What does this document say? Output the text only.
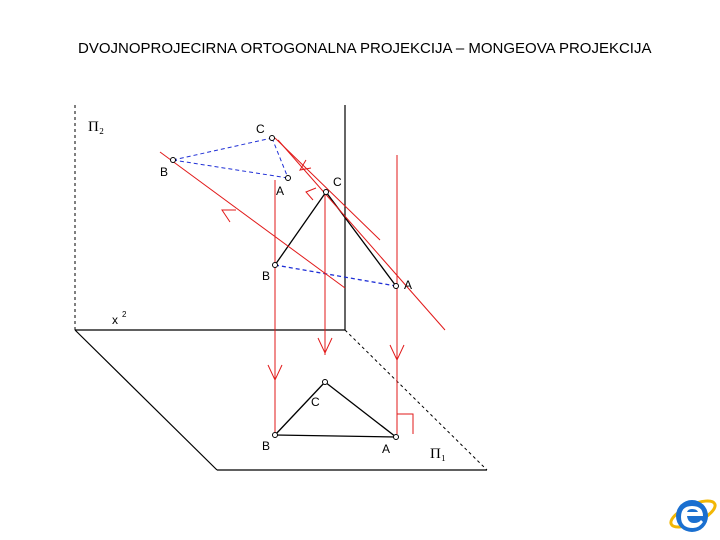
DVOJNOPROJECIRNA ORTOGONALNA PROJEKCIJA – MONGEOVA PROJEKCIJA
Π₂
Π₁
x 2
C
B
A
C
B
A
C
B	A
